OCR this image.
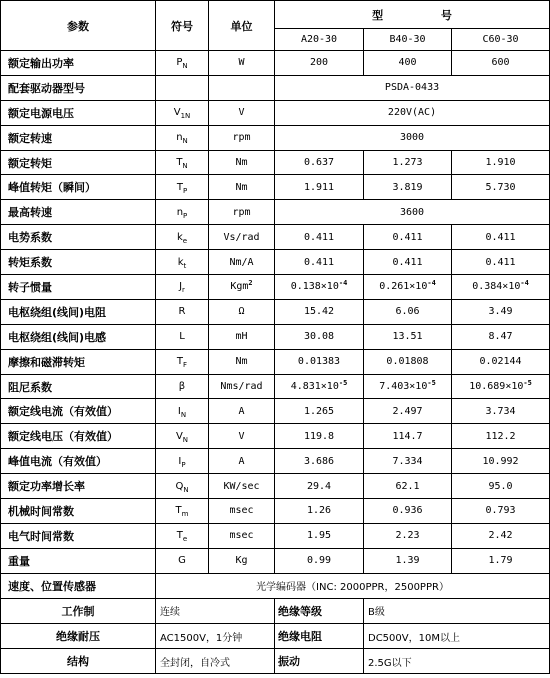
参数	符号	单位	型 号		
			A20-30	B40-30	C60-30
额定输出功率	$P_N$	W	200	400	600
配套驱动器型号			PSDA-0433		
额定电源电压	$V_{1N}$	V	220V(AC)		
额定转速	$n_N$	rpm	3000		
额定转矩	$T_N$	Nm	0.637	1.273	1.910
峰值转矩（瞬间）	$T_P$	Nm	1.911	3.819	5.730
最高转速	$n_P$	rpm	3600		
电势系数	$k_e$	Vs/rad	0.411	0.411	0.411
转矩系数	$k_t$	Nm/A	0.411	0.411	0.411
转子惯量	$J_r$	Kgm$^2$	$0.138\times 10^{-4}$	$0.261\times 10^{-4}$	$0.384\times 10^{-4}$
电枢绕组(线间)电阻	R	Ω	15.42	6.06	3.49
电枢绕组(线间)电感	L	mH	30.08	13.51	8.47
摩擦和磁滞转矩	$T_F$	Nm	0.01383	0.01808	0.02144
阻尼系数	β	Nms/rad	$4.831\times 10^{-5}$	$7.403\times 10^{-5}$	$10.689\times 10^{-5}$
额定线电流（有效值）	$I_N$	A	1.265	2.497	3.734
额定线电压（有效值）	$V_N$	V	119.8	114.7	112.2
峰值电流（有效值）	$I_P$	A	3.686	7.334	10.992
额定功率增长率	$Q_N$	KW/sec	29.4	62.1	95.0
机械时间常数	$T_m$	msec	1.26	0.936	0.793
电气时间常数	$T_e$	msec	1.95	2.23	2.42
重量	G	Kg	0.99	1.39	1.79
速度、位置传感器	光学编码器（INC: 2000PPR，2500PPR）				
工作制	连续		绝缘等级	B级	
绝缘耐压	AC1500V，1分钟		绝缘电阻	DC500V，10M以上	
结构	全封闭，自冷式		振动	2.5G以下	
